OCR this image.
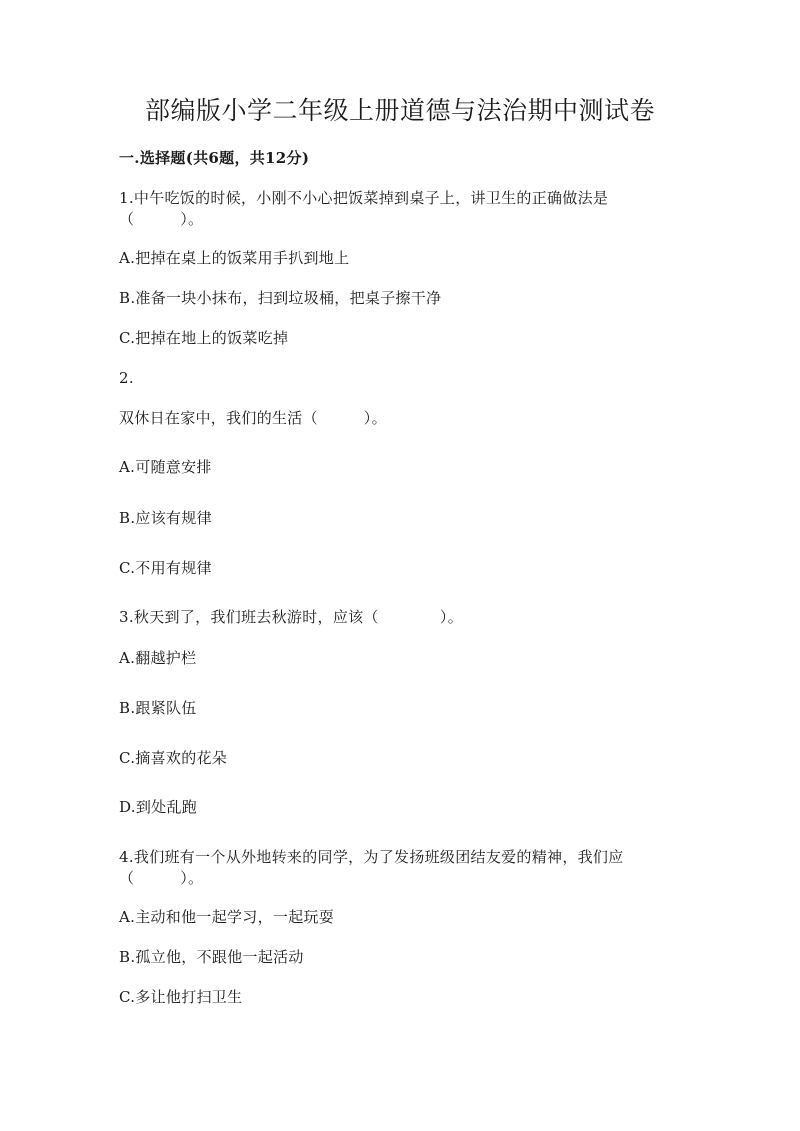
部编版小学二年级上册道德与法治期中测试卷
一.选择题(共6题，共12分)
1.中午吃饭的时候，小刚不小心把饭菜掉到桌子上，讲卫生的正确做法是
（　　　）。
A.把掉在桌上的饭菜用手扒到地上
B.准备一块小抹布，扫到垃圾桶，把桌子擦干净
C.把掉在地上的饭菜吃掉
2.
双休日在家中，我们的生活（　　　）。
A.可随意安排
B.应该有规律
C.不用有规律
3.秋天到了，我们班去秋游时，应该（　　　　）。
A.翻越护栏
B.跟紧队伍
C.摘喜欢的花朵
D.到处乱跑
4.我们班有一个从外地转来的同学，为了发扬班级团结友爱的精神，我们应
（　　　）。
A.主动和他一起学习，一起玩耍
B.孤立他，不跟他一起活动
C.多让他打扫卫生
